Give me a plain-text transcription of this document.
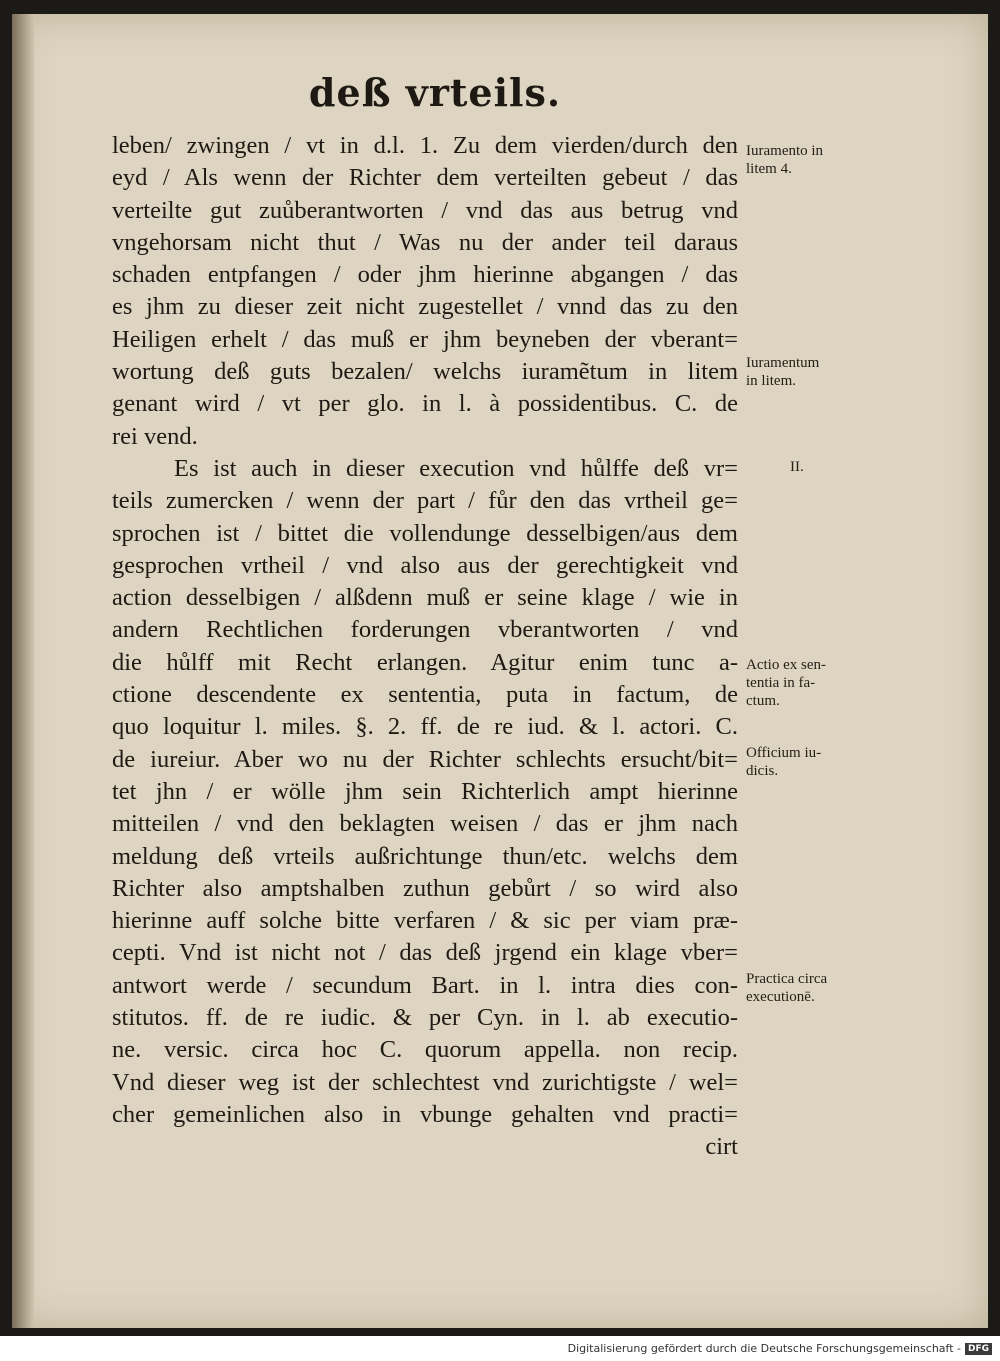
deß vrteils.
leben/ zwingen / vt in d.l. 1. Zu dem vierden/durch den
eyd / Als wenn der Richter dem verteilten gebeut / das
verteilte gut zuůberantworten / vnd das aus betrug vnd
vngehorsam nicht thut / Was nu der ander teil daraus
schaden entpfangen / oder jhm hierinne abgangen / das
es jhm zu dieser zeit nicht zugestellet / vnnd das zu den
Heiligen erhelt / das muß er jhm beyneben der vberant=
wortung deß guts bezalen/ welchs iuramẽtum in litem
genant wird / vt per glo. in l. à possidentibus. C. de
rei vend.
Es ist auch in dieser execution vnd hůlffe deß vr=
teils zumercken / wenn der part / fůr den das vrtheil ge=
sprochen ist / bittet die vollendunge desselbigen/aus dem
gesprochen vrtheil / vnd also aus der gerechtigkeit vnd
action desselbigen / alßdenn muß er seine klage / wie in
andern Rechtlichen forderungen vberantworten / vnd
die hůlff mit Recht erlangen. Agitur enim tunc a-
ctione descendente ex sententia, puta in factum, de
quo loquitur l. miles. §. 2. ff. de re iud. & l. actori. C.
de iureiur. Aber wo nu der Richter schlechts ersucht/bit=
tet jhn / er wölle jhm sein Richterlich ampt hierinne
mitteilen / vnd den beklagten weisen / das er jhm nach
meldung deß vrteils außrichtunge thun/etc. welchs dem
Richter also amptshalben zuthun gebůrt / so wird also
hierinne auff solche bitte verfaren / & sic per viam præ-
cepti. Vnd ist nicht not / das deß jrgend ein klage vber=
antwort werde / secundum Bart. in l. intra dies con-
stitutos. ff. de re iudic. & per Cyn. in l. ab executio-
ne. versic. circa hoc C. quorum appella. non recip.
Vnd dieser weg ist der schlechtest vnd zurichtigste / wel=
cher gemeinlichen also in vbunge gehalten vnd practi=
cirt
Iuramento in
litem 4.
Iuramentum
in litem.
II.
Actio ex sen-
tentia in fa-
ctum.
Officium iu-
dicis.
Practica circa
executionē.
Digitalisierung gefördert durch die Deutsche Forschungsgemeinschaft - DFG
